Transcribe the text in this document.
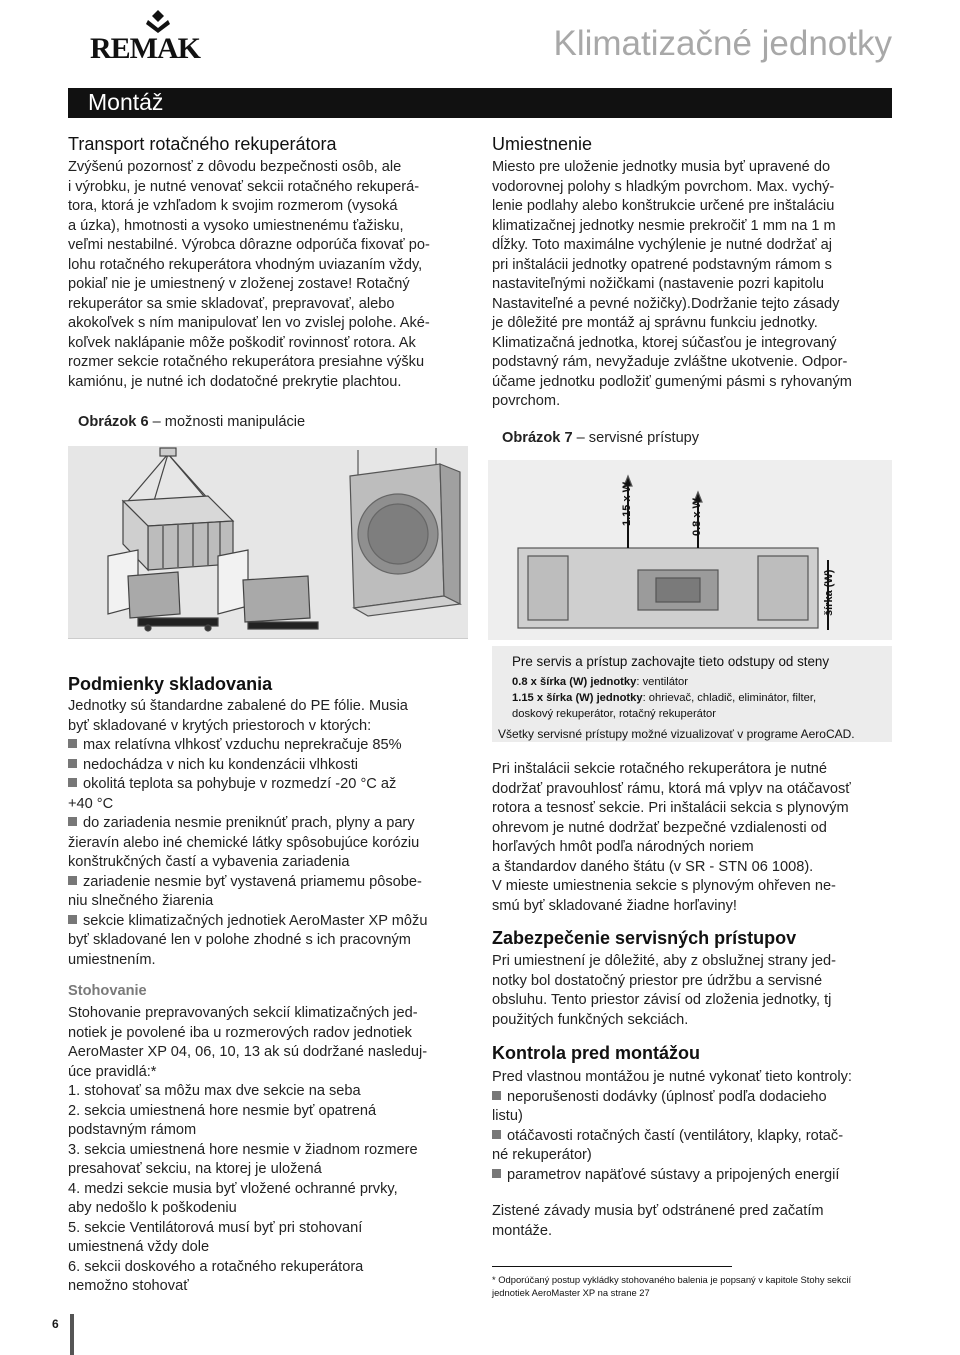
REMAK	Klimatizačné jednotky
Montáž
Transport rotačného rekuperátora

Zvýšenú pozornosť z dôvodu bezpečnosti osôb, ale

i výrobku, je nutné venovať sekcii rotačného rekuperá-

tora, ktorá je vzhľadom k svojim rozmerom (vysoká

a úzka), hmotnosti a vysoko umiestnenému ťažisku,

veľmi nestabilné. Výrobca dôrazne odporúča fixovať po-

lohu rotačného rekuperátora vhodným uviazaním vždy,

pokiaľ nie je umiestnený v zloženej zostave! Rotačný

rekuperátor sa smie skladovať, prepravovať, alebo

akokoľvek s ním manipulovať len vo zvislej polohe. Aké-

koľvek naklápanie môže poškodiť rovinnosť rotora. Ak

rozmer sekcie rotačného rekuperátora presiahne výšku

kamiónu, je nutné ich dodatočné prekrytie plachtou.

Obrázok 6 – možnosti manipulácie
Podmienky skladovania

Jednotky sú štandardne zabalené do PE fólie. Musia

byť skladované v krytých priestoroch v ktorých:

max relatívna vlhkosť vzduchu neprekračuje 85%

nedochádza v nich ku kondenzácii vlhkosti

okolitá teplota sa pohybuje v rozmedzí -20 °C až

+40 °C

do zariadenia nesmie preniknúť prach, plyny a pary

žieravín alebo iné chemické látky spôsobujúce koróziu

konštrukčných častí a vybavenia zariadenia

zariadenie nesmie byť vystavená priamemu pôsobe-

niu slnečného žiarenia

sekcie klimatizačných jednotiek AeroMaster XP môžu

byť skladované len v polohe zhodné s ich pracovným

umiestnením.

Stohovanie

Stohovanie prepravovaných sekcií klimatizačných jed-

notiek je povolené iba u rozmerových radov jednotiek

AeroMaster XP 04, 06, 10, 13 ak sú dodržané nasleduj-

úce pravidlá:*

1. stohovať sa môžu max dve sekcie na seba

2. sekcia umiestnená hore nesmie byť opatrená

podstavným rámom

3. sekcia umiestnená hore nesmie v žiadnom rozmere

presahovať sekciu, na ktorej je uložená

4. medzi sekcie musia byť vložené ochranné prvky,

aby nedošlo k poškodeniu

5. sekcie Ventilátorová musí byť pri stohovaní

umiestnená vždy dole

6. sekcii doskového a rotačného rekuperátora

nemožno stohovať

Umiestnenie

Miesto pre uloženie jednotky musia byť upravené do

vodorovnej polohy s hladkým povrchom. Max. vychý-

lenie podlahy alebo konštrukcie určené pre inštaláciu

klimatizačnej jednotky nesmie prekročiť 1 mm na 1 m

dĺžky. Toto maximálne vychýlenie je nutné dodržať aj

pri inštalácii jednotky opatrené podstavným rámom s

nastaviteľnými nožičkami (nastavenie pozri kapitolu

Nastaviteľné a pevné nožičky).Dodržanie tejto zásady

je dôležité pre montáž aj správnu funkciu jednotky.

Klimatizačná jednotka, ktorej súčasťou je integrovaný

podstavný rám, nevyžaduje zvláštne ukotvenie. Odpor-

účame jednotku podložiť gumenými pásmi s ryhovaným

povrchom.

Obrázok 7 – servisné prístupy
1.15 x W	0.8 x W
šírka (W)
Pre servis a prístup zachovajte tieto odstupy od steny
0.8 x šírka (W) jednotky: ventilátor
1.15 x šírka (W) jednotky: ohrievač, chladič, eliminátor, filter,
doskový rekuperátor, rotačný rekuperátor
Všetky servisné prístupy možné vizualizovať v programe AeroCAD.

Pri inštalácii sekcie rotačného rekuperátora je nutné

dodržať pravouhlosť rámu, ktorá má vplyv na otáčavosť

rotora a tesnosť sekcie. Pri inštalácii sekcia s plynovým

ohrevom je nutné dodržať bezpečné vzdialenosti od

horľavých hmôt podľa národných noriem

a štandardov daného štátu (v SR - STN 06 1008).

V mieste umiestnenia sekcie s plynovým ohřeven ne-

smú byť skladované žiadne horľaviny!

Zabezpečenie servisných prístupov

Pri umiestnení je dôležité, aby z obslužnej strany jed-

notky bol dostatočný priestor pre údržbu a servisné

obsluhu. Tento priestor závisí od zloženia jednotky, tj

použitých funkčných sekciách.

Kontrola pred montážou

Pred vlastnou montážou je nutné vykonať tieto kontroly:

neporušenosti dodávky (úplnosť podľa dodacieho

listu)

otáčavosti rotačných častí (ventilátory, klapky, rotač-

né rekuperátor)

parametrov napäťové sústavy a pripojených energií

Zistené závady musia byť odstránené pred začatím

montáže.

* Odporúčaný postup vykládky stohovaného balenia je popsaný v kapitole Stohy sekcií
jednotiek AeroMaster XP na strane 27
6
